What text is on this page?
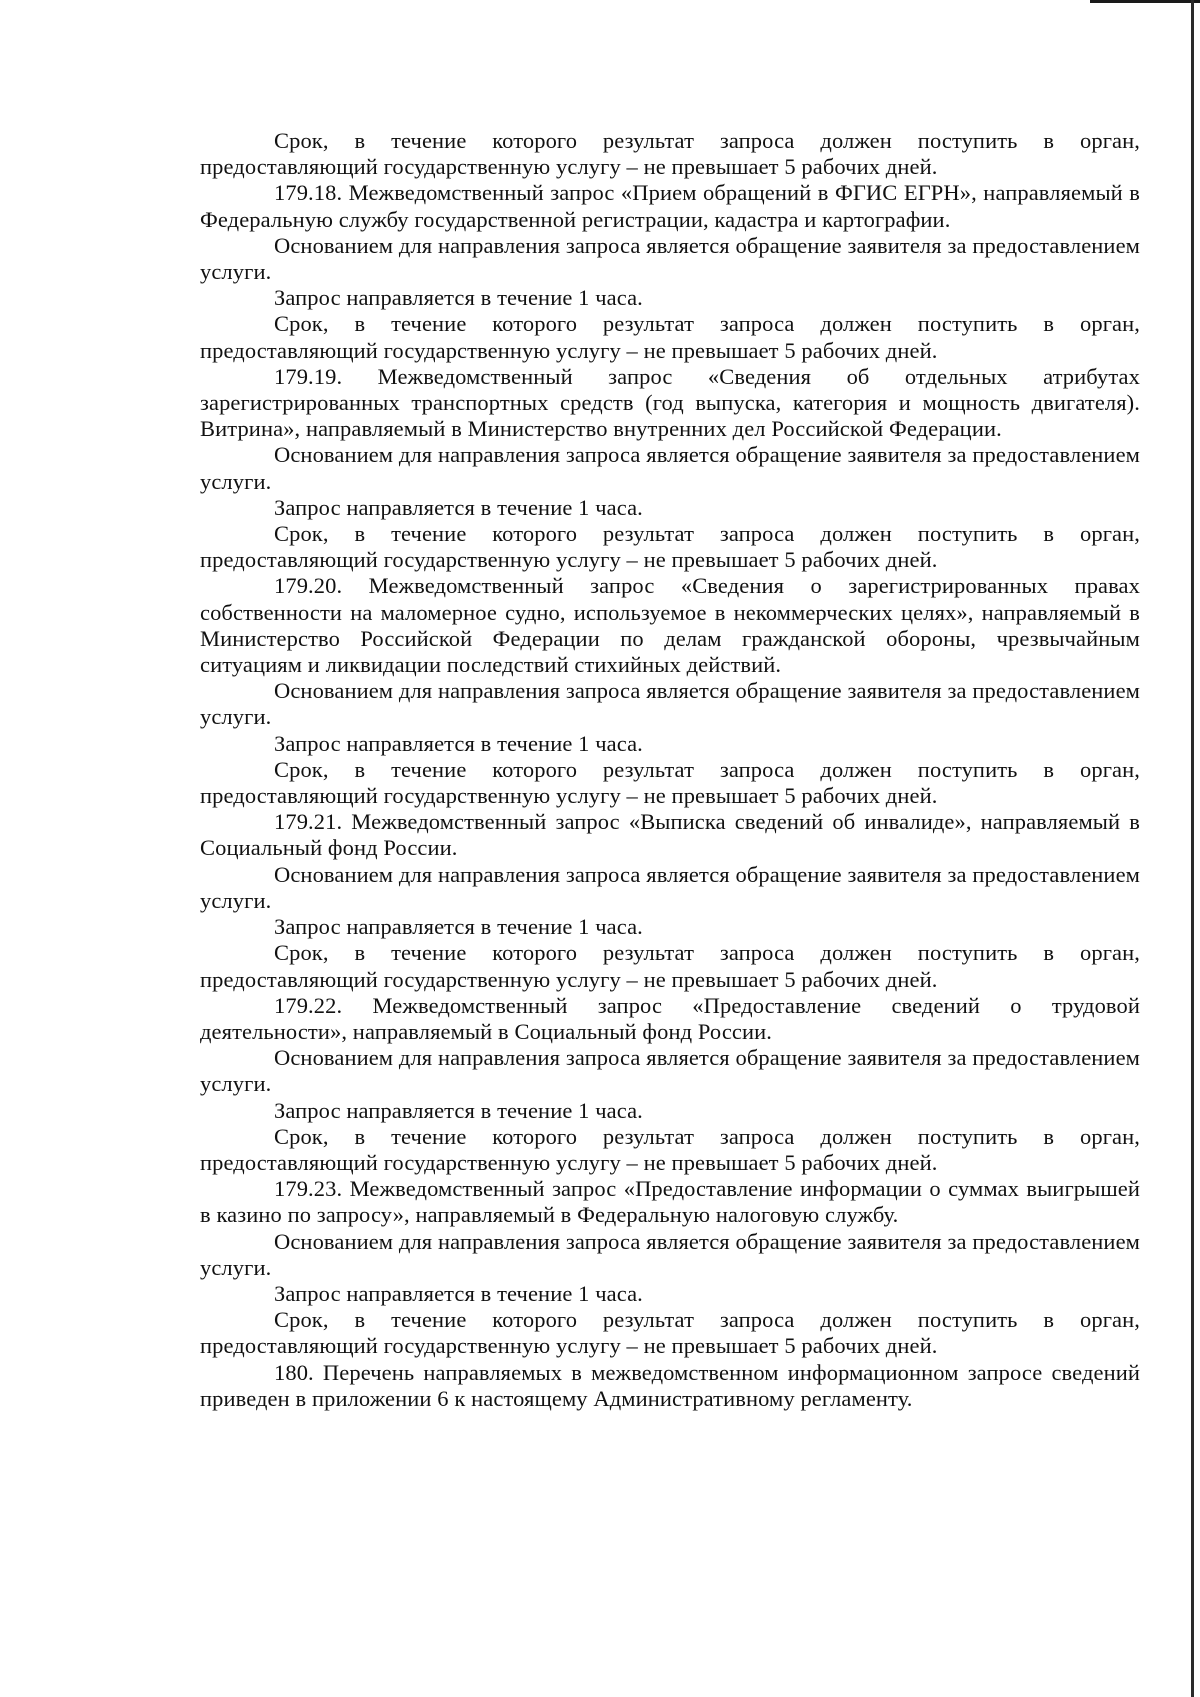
Срок, в течение которого результат запроса должен поступить в орган, предоставляющий государственную услугу – не превышает 5 рабочих дней.

179.18. Межведомственный запрос «Прием обращений в ФГИС ЕГРН», направляемый в Федеральную службу государственной регистрации, кадастра и картографии.

Основанием для направления запроса является обращение заявителя за предоставлением услуги.

Запрос направляется в течение 1 часа.

Срок, в течение которого результат запроса должен поступить в орган, предоставляющий государственную услугу – не превышает 5 рабочих дней.

179.19. Межведомственный запрос «Сведения об отдельных атрибутах зарегистрированных транспортных средств (год выпуска, категория и мощность двигателя). Витрина», направляемый в Министерство внутренних дел Российской Федерации.

Основанием для направления запроса является обращение заявителя за предоставлением услуги.

Запрос направляется в течение 1 часа.

Срок, в течение которого результат запроса должен поступить в орган, предоставляющий государственную услугу – не превышает 5 рабочих дней.

179.20. Межведомственный запрос «Сведения о зарегистрированных правах собственности на маломерное судно, используемое в некоммерческих целях», направляемый в Министерство Российской Федерации по делам гражданской обороны, чрезвычайным ситуациям и ликвидации последствий стихийных действий.

Основанием для направления запроса является обращение заявителя за предоставлением услуги.

Запрос направляется в течение 1 часа.

Срок, в течение которого результат запроса должен поступить в орган, предоставляющий государственную услугу – не превышает 5 рабочих дней.

179.21. Межведомственный запрос «Выписка сведений об инвалиде», направляемый в Социальный фонд России.

Основанием для направления запроса является обращение заявителя за предоставлением услуги.

Запрос направляется в течение 1 часа.

Срок, в течение которого результат запроса должен поступить в орган, предоставляющий государственную услугу – не превышает 5 рабочих дней.

179.22. Межведомственный запрос «Предоставление сведений о трудовой деятельности», направляемый в Социальный фонд России.

Основанием для направления запроса является обращение заявителя за предоставлением услуги.

Запрос направляется в течение 1 часа.

Срок, в течение которого результат запроса должен поступить в орган, предоставляющий государственную услугу – не превышает 5 рабочих дней.

179.23. Межведомственный запрос «Предоставление информации о суммах выигрышей в казино по запросу», направляемый в Федеральную налоговую службу.

Основанием для направления запроса является обращение заявителя за предоставлением услуги.

Запрос направляется в течение 1 часа.

Срок, в течение которого результат запроса должен поступить в орган, предоставляющий государственную услугу – не превышает 5 рабочих дней.

180. Перечень направляемых в межведомственном информационном запросе сведений приведен в приложении 6 к настоящему Административному регламенту.
